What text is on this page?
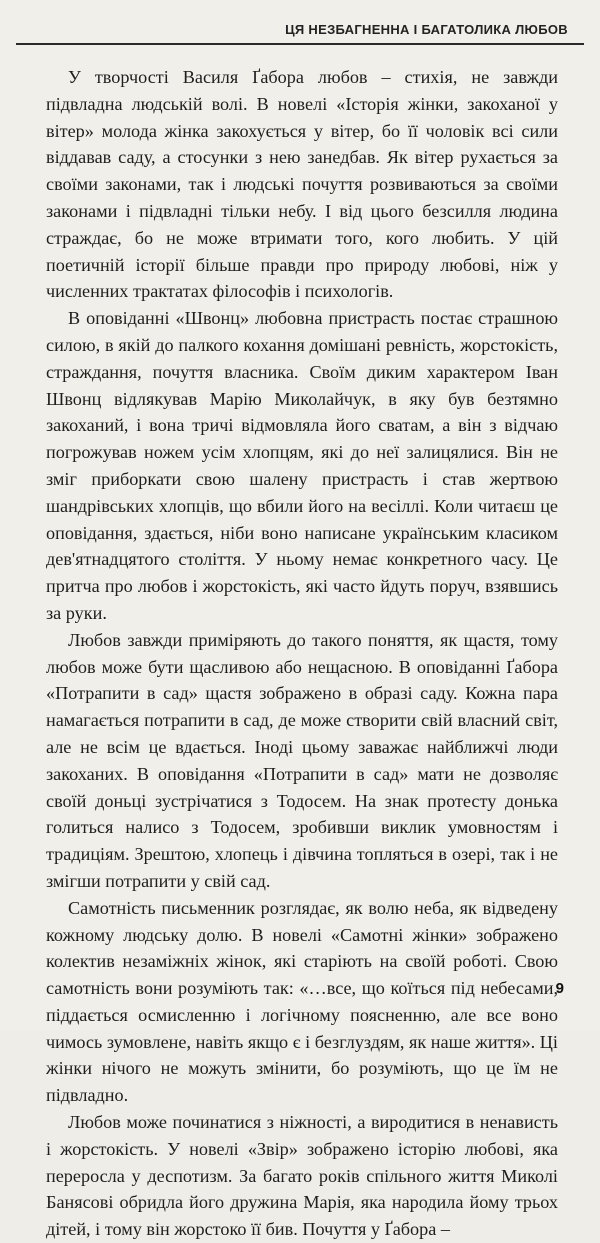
ЦЯ НЕЗБАГНЕННА І БАГАТОЛИКА ЛЮБОВ

У творчості Василя Ґабора любов – стихія, не завжди підвладна людській волі. В новелі «Історія жінки, закоханої у вітер» молода жінка закохується у вітер, бо її чоловік всі сили віддавав саду, а стосунки з нею занедбав. Як вітер рухається за своїми законами, так і людські почуття розвиваються за своїми законами і підвладні тільки небу. І від цього безсилля людина страждає, бо не може втримати того, кого любить. У цій поетичній історії більше правди про природу любові, ніж у численних трактатах філософів і психологів.

В оповіданні «Швонц» любовна пристрасть постає страшною силою, в якій до палкого кохання домішані ревність, жорстокість, страждання, почуття власника. Своїм диким характером Іван Швонц відлякував Марію Миколайчук, в яку був безтямно закоханий, і вона тричі відмовляла його сватам, а він з відчаю погрожував ножем усім хлопцям, які до неї залицялися. Він не зміг приборкати свою шалену пристрасть і став жертвою шандрівських хлопців, що вбили його на весіллі. Коли читаєш це оповідання, здається, ніби воно написане українським класиком дев'ятнадцятого століття. У ньому немає конкретного часу. Це притча про любов і жорстокість, які часто йдуть поруч, взявшись за руки.

Любов завжди приміряють до такого поняття, як щастя, тому любов може бути щасливою або нещасною. В оповіданні Ґабора «Потрапити в сад» щастя зображено в образі саду. Кожна пара намагається потрапити в сад, де може створити свій власний світ, але не всім це вдається. Іноді цьому заважає найближчі люди закоханих. В оповідання «Потрапити в сад» мати не дозволяє своїй доньці зустрічатися з Тодосем. На знак протесту донька голиться налисо з Тодосем, зробивши виклик умовностям і традиціям. Зрештою, хлопець і дівчина топляться в озері, так і не змігши потрапити у свій сад.

Самотність письменник розглядає, як волю неба, як відведену кожному людську долю. В новелі «Самотні жінки» зображено колектив незаміжніх жінок, які старіють на своїй роботі. Свою самотність вони розуміють так: «…все, що коїться під небесами, піддається осмисленню і логічному поясненню, але все воно чимось зумовлене, навіть якщо є і безглуздям, як наше життя». Ці жінки нічого не можуть змінити, бо розуміють, що це їм не підвладно.

Любов може починатися з ніжності, а виродитися в ненависть і жорстокість. У новелі «Звір» зображено історію любові, яка переросла у деспотизм. За багато років спільного життя Миколі Банясові обридла його дружина Марія, яка народила йому трьох дітей, і тому він жорстоко її бив. Почуття у Ґабора –

9
